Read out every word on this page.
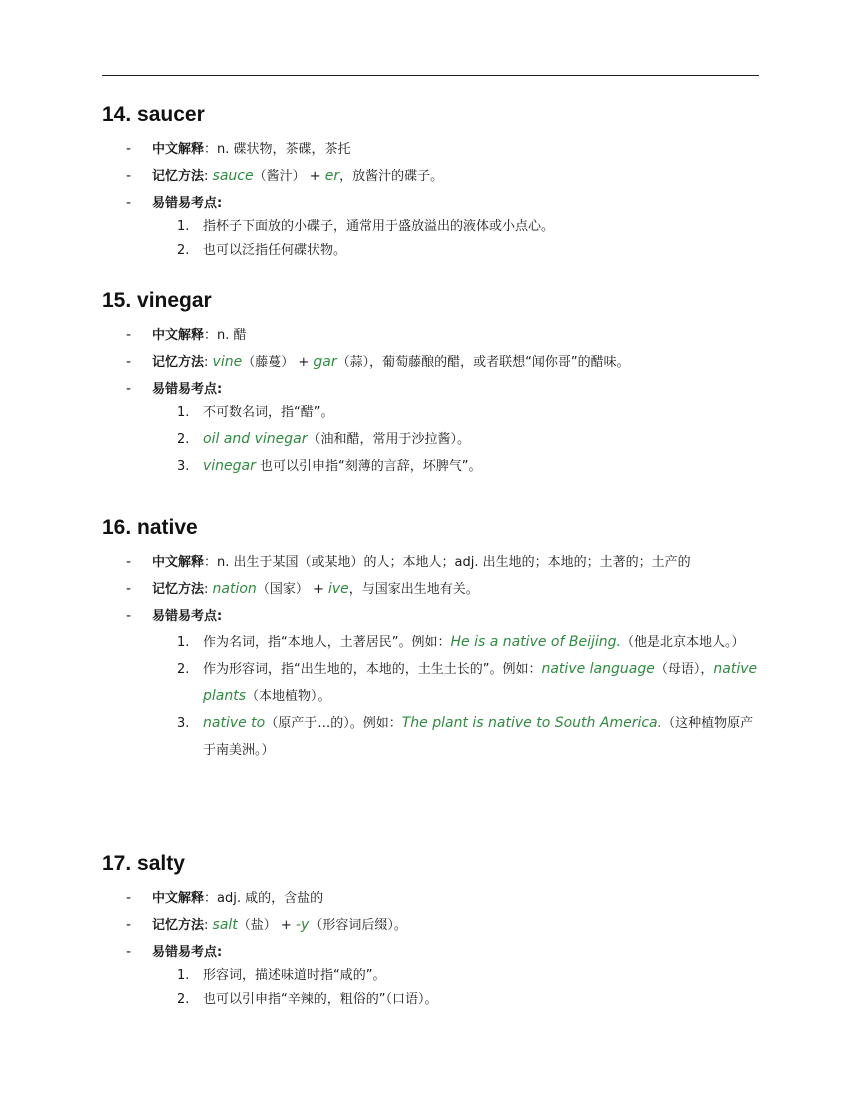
14. saucer
- 中文解释：n. 碟状物，茶碟，茶托
- 记忆方法: sauce（酱汁） + er，放酱汁的碟子。
- 易错易考点:
1. 指杯子下面放的小碟子，通常用于盛放溢出的液体或小点心。
2. 也可以泛指任何碟状物。
15. vinegar
- 中文解释：n. 醋
- 记忆方法: vine（藤蔓） + gar（蒜），葡萄藤酿的醋，或者联想“闻你哥”的醋味。
- 易错易考点:
1. 不可数名词，指“醋”。
2. oil and vinegar（油和醋，常用于沙拉酱）。
3. vinegar 也可以引申指“刻薄的言辞，坏脾气”。
16. native
- 中文解释：n. 出生于某国（或某地）的人；本地人；adj. 出生地的；本地的；土著的；土产的
- 记忆方法: nation（国家） + ive，与国家出生地有关。
- 易错易考点:
1. 作为名词，指“本地人，土著居民”。例如：He is a native of Beijing.（他是北京本地人。）
2. 作为形容词，指“出生地的，本地的，土生土长的”。例如：native language（母语），native plants（本地植物）。
3. native to（原产于…的）。例如：The plant is native to South America.（这种植物原产于南美洲。）
17. salty
- 中文解释：adj. 咸的，含盐的
- 记忆方法: salt（盐） + -y（形容词后缀）。
- 易错易考点:
1. 形容词，描述味道时指“咸的”。
2. 也可以引申指“辛辣的，粗俗的”（口语）。
